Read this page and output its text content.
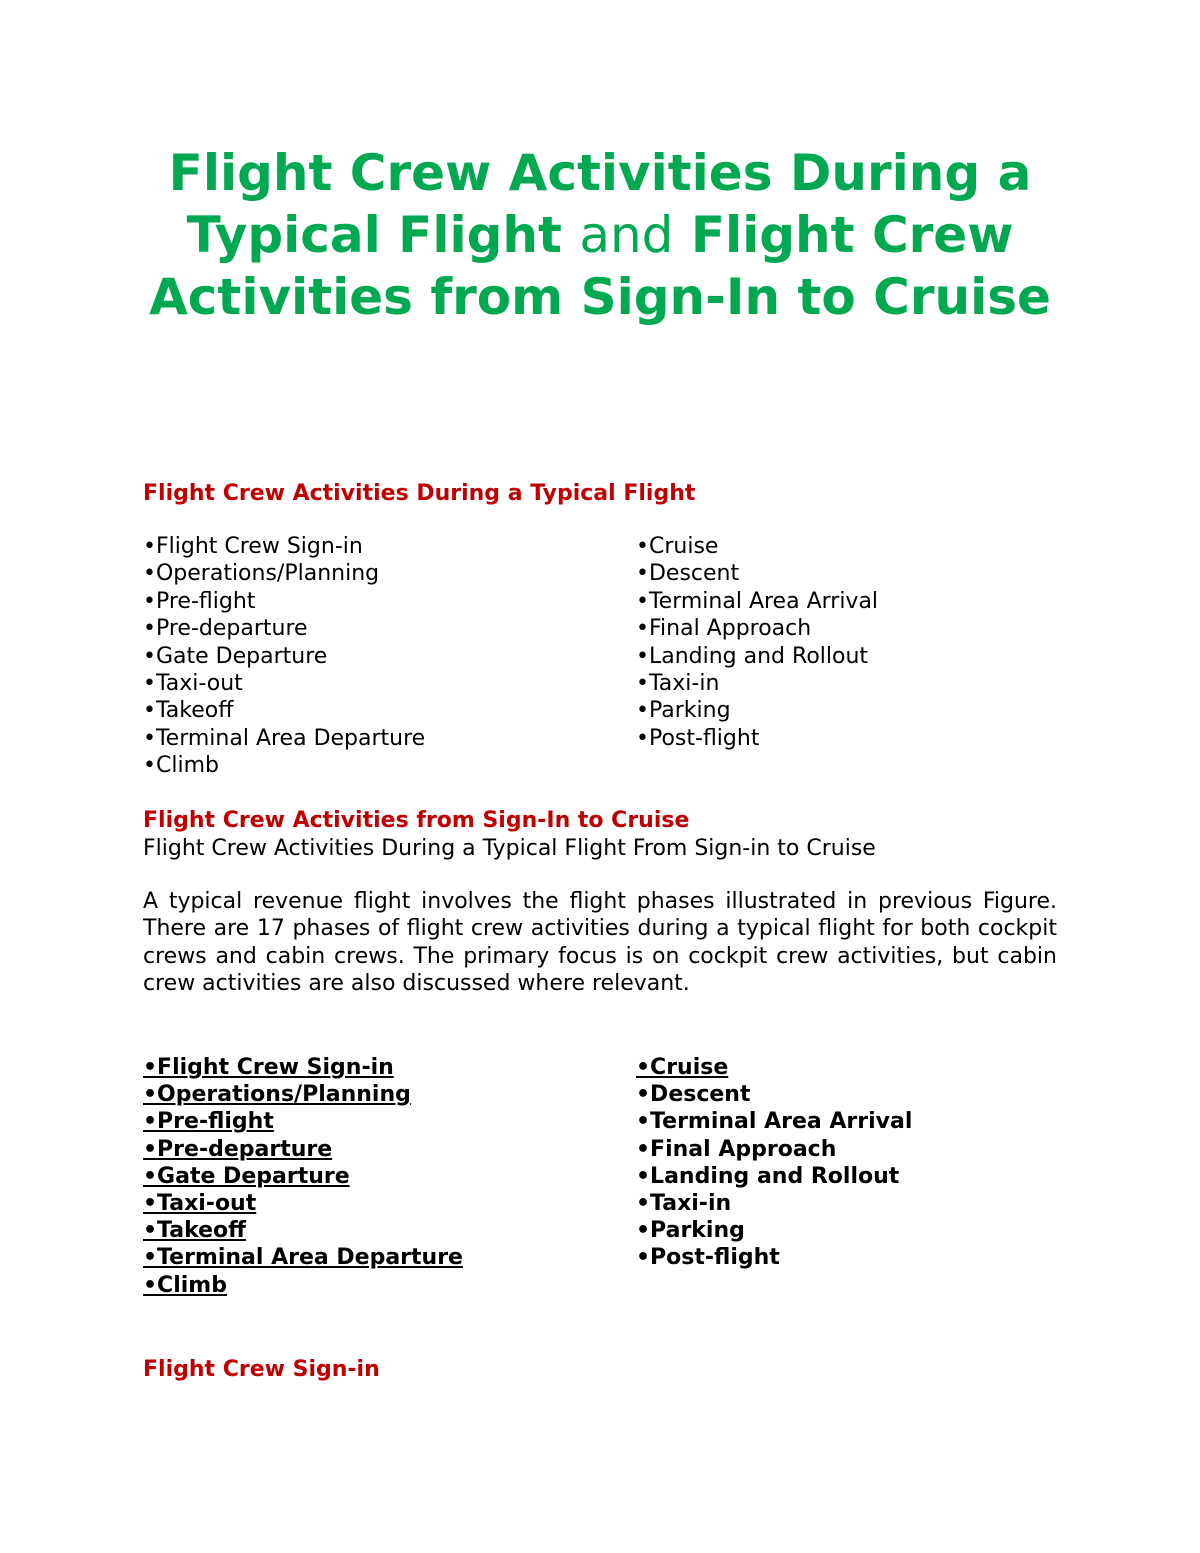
Flight Crew Activities During a Typical Flight and Flight Crew Activities from Sign-In to Cruise
Flight Crew Activities During a Typical Flight
•Flight Crew Sign-in
•Operations/Planning
•Pre-flight
•Pre-departure
•Gate Departure
•Taxi-out
•Takeoff
•Terminal Area Departure
•Climb
•Cruise
•Descent
•Terminal Area Arrival
•Final Approach
•Landing and Rollout
•Taxi-in
•Parking
•Post-flight
Flight Crew Activities from Sign-In to Cruise

Flight Crew Activities During a Typical Flight From Sign-in to Cruise

A typical revenue flight involves the flight phases illustrated in previous Figure. There are 17 phases of flight crew activities during a typical flight for both cockpit crews and cabin crews. The primary focus is on cockpit crew activities, but cabin crew activities are also discussed where relevant.

•Flight Crew Sign-in
•Operations/Planning
•Pre-flight
•Pre-departure
•Gate Departure
•Taxi-out
•Takeoff
•Terminal Area Departure
•Climb
•Cruise
•Descent
•Terminal Area Arrival
•Final Approach
•Landing and Rollout
•Taxi-in
•Parking
•Post-flight
Flight Crew Sign-in
